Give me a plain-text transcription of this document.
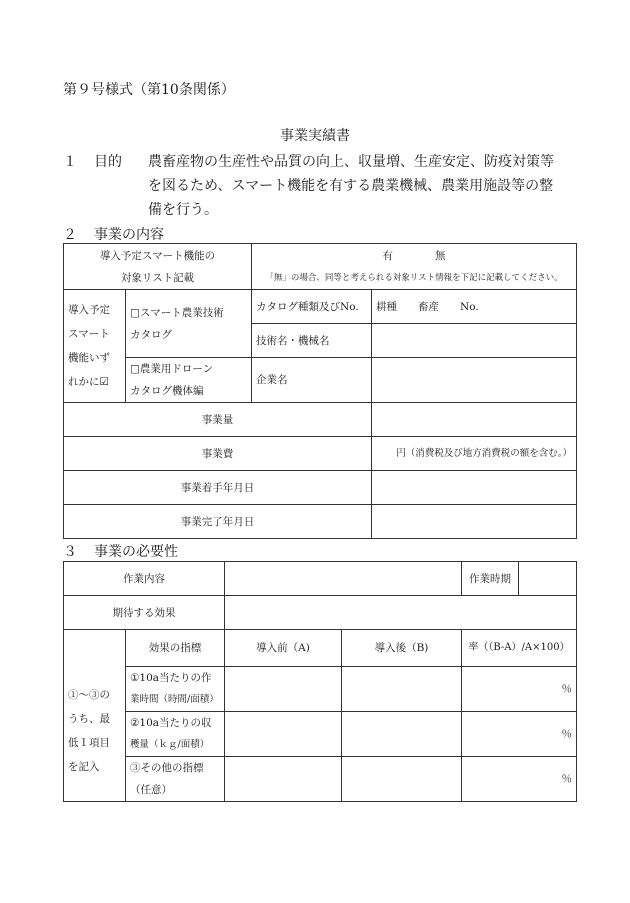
第９号様式（第10条関係）
事業実績書
１ 目的 農畜産物の生産性や品質の向上、収量増、生産安定、防疫対策等
を図るため、スマート機能を有する農業機械、農業用施設等の整
備を行う。
２ 事業の内容
導入予定スマート機能の
対象リスト記載		有　　　　無
「無」の場合、同等と考えられる対象リスト情報を下記に記載してください。	

導入予定
スマート
機能いず
れかに☑	□スマート農業技術
カタログ	カタログ種類及びNo.	耕種　　畜産　　No.
		技術名・機械名	

	□農業用ドローン
カタログ機体編	企業名	
事業量			
事業費			円（消費税及び地方消費税の額を含む。）
事業着手年月日			
事業完了年月日			
３ 事業の必要性
作業内容				作業時期	
期待する効果					

①～③の
うち、最
低１項目
を記入	効果の指標	導入前（A)	導入後（B)	率（（B-A）/A×100）	

	①10a当たりの作
業時間（時間/面積）			％	

	②10a当たりの収
穫量（ｋｇ/面積）			％	

	③その他の指標
（任意）			％	
